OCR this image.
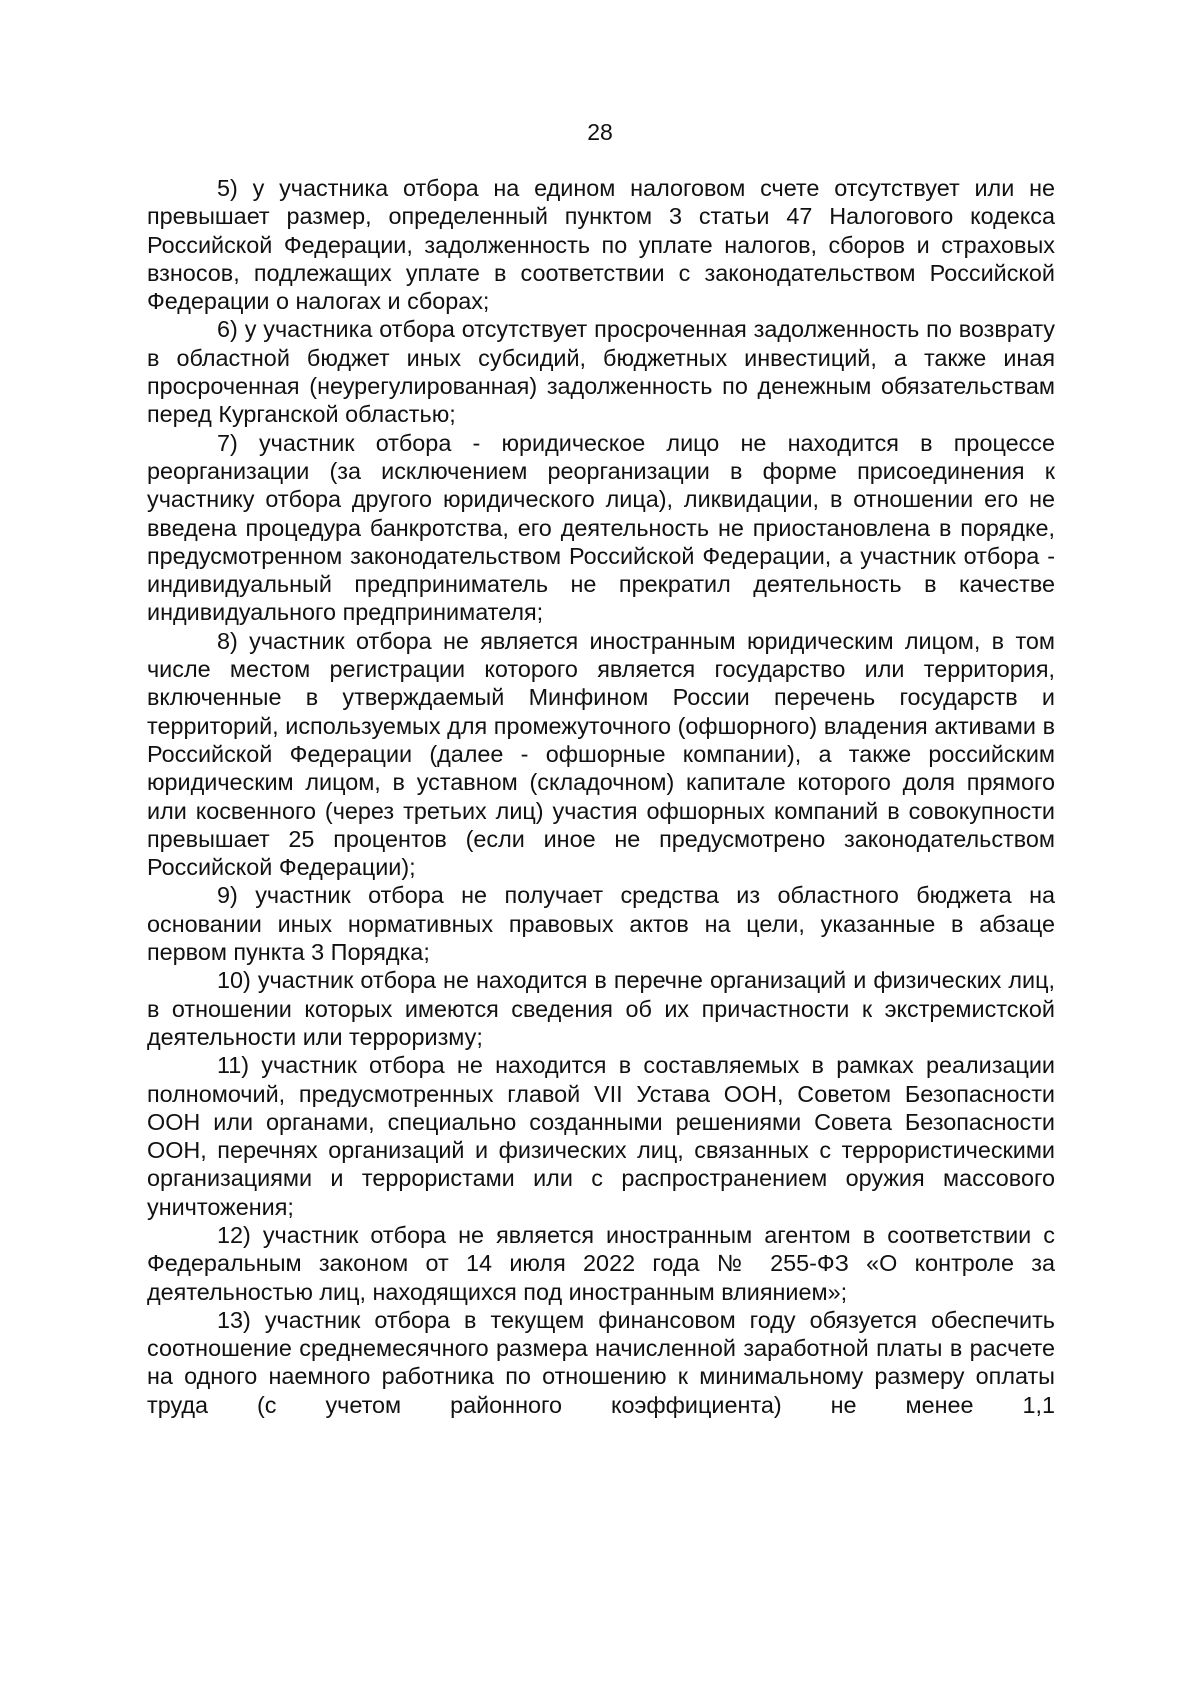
28

5) у участника отбора на едином налоговом счете отсутствует или не превышает размер, определенный пунктом 3 статьи 47 Налогового кодекса Российской Федерации, задолженность по уплате налогов, сборов и страховых взносов, подлежащих уплате в соответствии с законодательством Российской Федерации о налогах и сборах;

6) у участника отбора отсутствует просроченная задолженность по возврату в областной бюджет иных субсидий, бюджетных инвестиций, а также иная просроченная (неурегулированная) задолженность по денежным обязательствам перед Курганской областью;

7) участник отбора - юридическое лицо не находится в процессе реорганизации (за исключением реорганизации в форме присоединения к участнику отбора другого юридического лица), ликвидации, в отношении его не введена процедура банкротства, его деятельность не приостановлена в порядке, предусмотренном законодательством Российской Федерации, а участник отбора - индивидуальный предприниматель не прекратил деятельность в качестве индивидуального предпринимателя;

8) участник отбора не является иностранным юридическим лицом, в том числе местом регистрации которого является государство или территория, включенные в утверждаемый Минфином России перечень государств и территорий, используемых для промежуточного (офшорного) владения активами в Российской Федерации (далее - офшорные компании), а также российским юридическим лицом, в уставном (складочном) капитале которого доля прямого или косвенного (через третьих лиц) участия офшорных компаний в совокупности превышает 25 процентов (если иное не предусмотрено законодательством Российской Федерации);

9) участник отбора не получает средства из областного бюджета на основании иных нормативных правовых актов на цели, указанные в абзаце первом пункта 3 Порядка;

10) участник отбора не находится в перечне организаций и физических лиц, в отношении которых имеются сведения об их причастности к экстремистской деятельности или терроризму;

11) участник отбора не находится в составляемых в рамках реализации полномочий, предусмотренных главой VII Устава ООН, Советом Безопасности ООН или органами, специально созданными решениями Совета Безопасности ООН, перечнях организаций и физических лиц, связанных с террористическими организациями и террористами или с распространением оружия массового уничтожения;

12) участник отбора не является иностранным агентом в соответствии с Федеральным законом от 14 июля 2022 года № 255-ФЗ «О контроле за деятельностью лиц, находящихся под иностранным влиянием»;

13) участник отбора в текущем финансовом году обязуется обеспечить соотношение среднемесячного размера начисленной заработной платы в расчете на одного наемного работника по отношению к минимальному размеру оплаты труда (с учетом районного коэффициента) не менее 1,1
